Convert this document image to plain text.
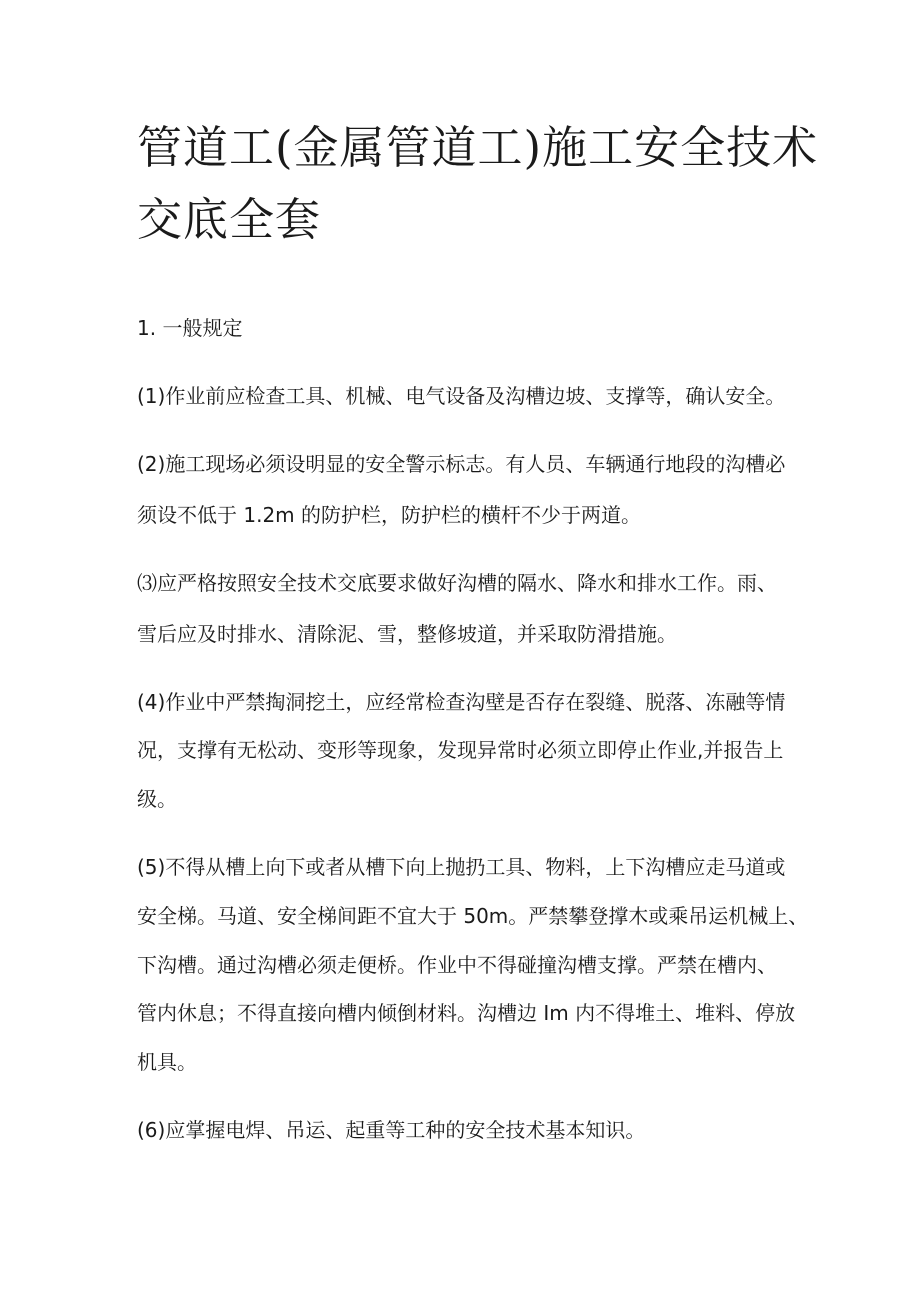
管道工(金属管道工)施工安全技术
交底全套

1. 一般规定

(1)作业前应检查工具、机械、电气设备及沟槽边坡、支撑等，确认安全。

(2)施工现场必须设明显的安全警示标志。有人员、车辆通行地段的沟槽必

须设不低于 1.2m 的防护栏，防护栏的横杆不少于两道。

⑶应严格按照安全技术交底要求做好沟槽的隔水、降水和排水工作。雨、

雪后应及时排水、清除泥、雪，整修坡道，并采取防滑措施。

(4)作业中严禁掏洞挖土，应经常检查沟壁是否存在裂缝、脱落、冻融等情

况，支撑有无松动、变形等现象，发现异常时必须立即停止作业,并报告上

级。

(5)不得从槽上向下或者从槽下向上抛扔工具、物料，上下沟槽应走马道或

安全梯。马道、安全梯间距不宜大于 50m。严禁攀登撑木或乘吊运机械上、

下沟槽。通过沟槽必须走便桥。作业中不得碰撞沟槽支撑。严禁在槽内、

管内休息；不得直接向槽内倾倒材料。沟槽边 Im 内不得堆土、堆料、停放

机具。

(6)应掌握电焊、吊运、起重等工种的安全技术基本知识。
